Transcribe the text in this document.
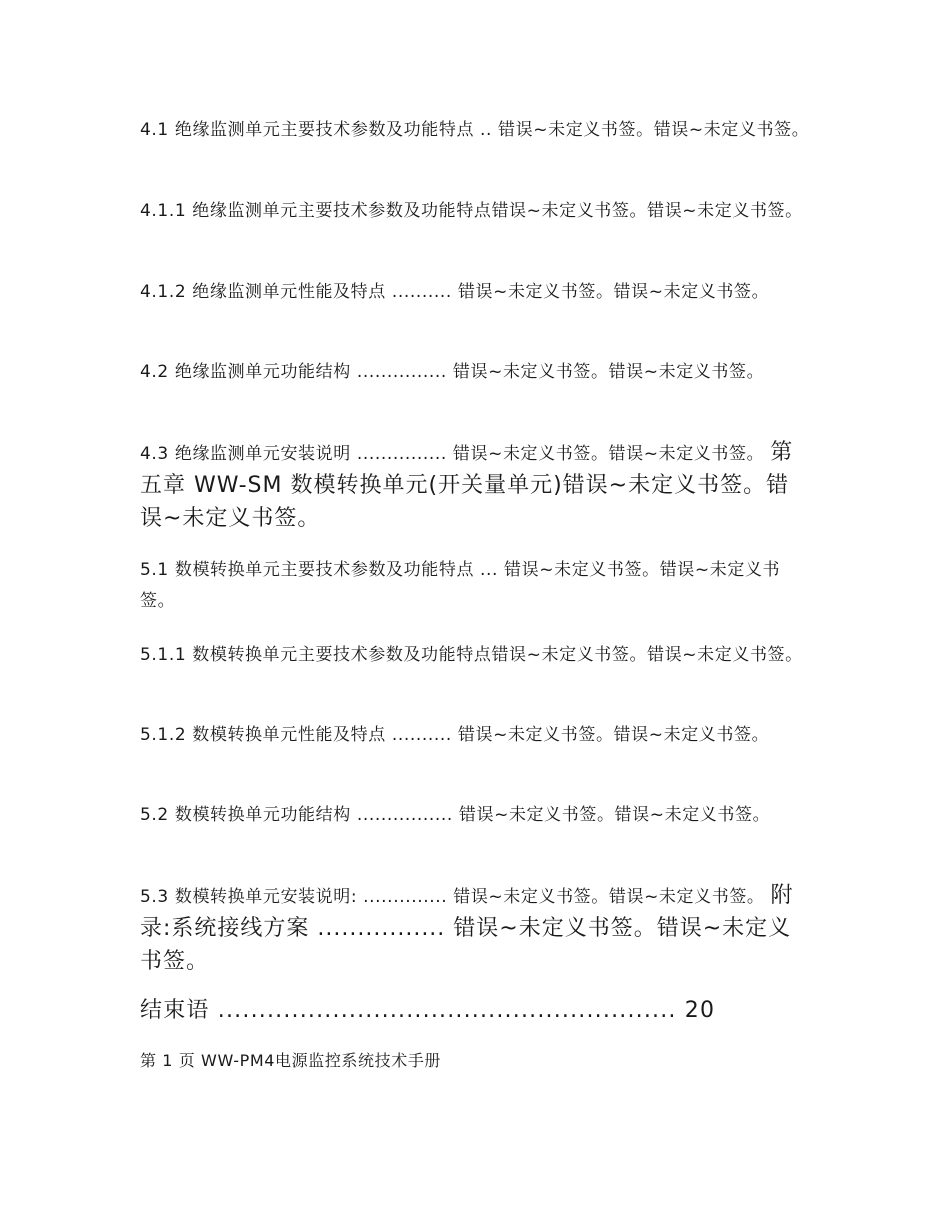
4.1 绝缘监测单元主要技术参数及功能特点 .. 错误~未定义书签。错误~未定义书签。

4.1.1 绝缘监测单元主要技术参数及功能特点错误~未定义书签。错误~未定义书签。

4.1.2 绝缘监测单元性能及特点 .......... 错误~未定义书签。错误~未定义书签。

4.2 绝缘监测单元功能结构 ............... 错误~未定义书签。错误~未定义书签。

4.3 绝缘监测单元安装说明 ............... 错误~未定义书签。错误~未定义书签。 第五章 WW-SM 数模转换单元(开关量单元)错误~未定义书签。错误~未定义书签。

5.1 数模转换单元主要技术参数及功能特点 ... 错误~未定义书签。错误~未定义书签。

5.1.1 数模转换单元主要技术参数及功能特点错误~未定义书签。错误~未定义书签。

5.1.2 数模转换单元性能及特点 .......... 错误~未定义书签。错误~未定义书签。

5.2 数模转换单元功能结构 ................ 错误~未定义书签。错误~未定义书签。

5.3 数模转换单元安装说明: .............. 错误~未定义书签。错误~未定义书签。 附录:系统接线方案 ................ 错误~未定义书签。错误~未定义书签。

结束语 ........................................................ 20
第 1 页 WW-PM4电源监控系统技术手册
